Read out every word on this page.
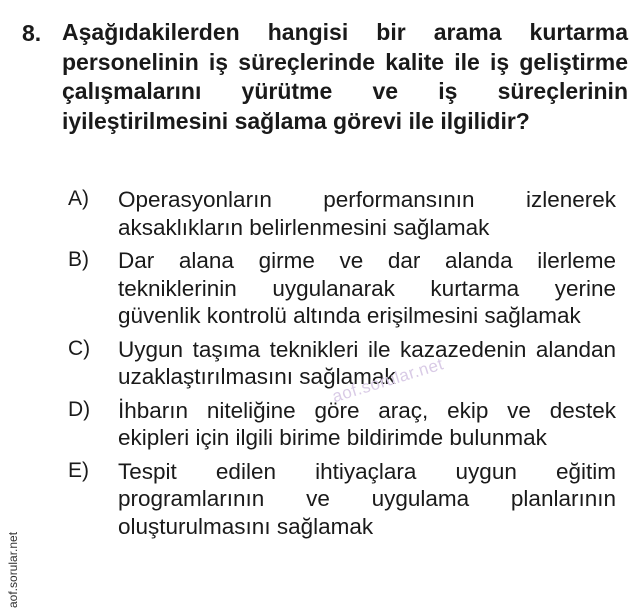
8. Aşağıdakilerden hangisi bir arama kurtarma personelinin iş süreçlerinde kalite ile iş geliştirme çalışmalarını yürütme ve iş süreçlerinin iyileştirilmesini sağlama görevi ile ilgilidir?
A)	Operasyonların performansının izlenerek aksaklıkların belirlenmesini sağlamak
B)	Dar alana girme ve dar alanda ilerleme tekniklerinin uygulanarak kurtarma yerine güvenlik kontrolü altında erişilmesini sağlamak
C)	Uygun taşıma teknikleri ile kazazedenin alandan uzaklaştırılmasını sağlamak
D)	İhbarın niteliğine göre araç, ekip ve destek ekipleri için ilgili birime bildirimde bulunmak
E)	Tespit edilen ihtiyaçlara uygun eğitim programlarının ve uygulama planlarının oluşturulmasını sağlamak
aof.sorular.net
aof.sorular.net
